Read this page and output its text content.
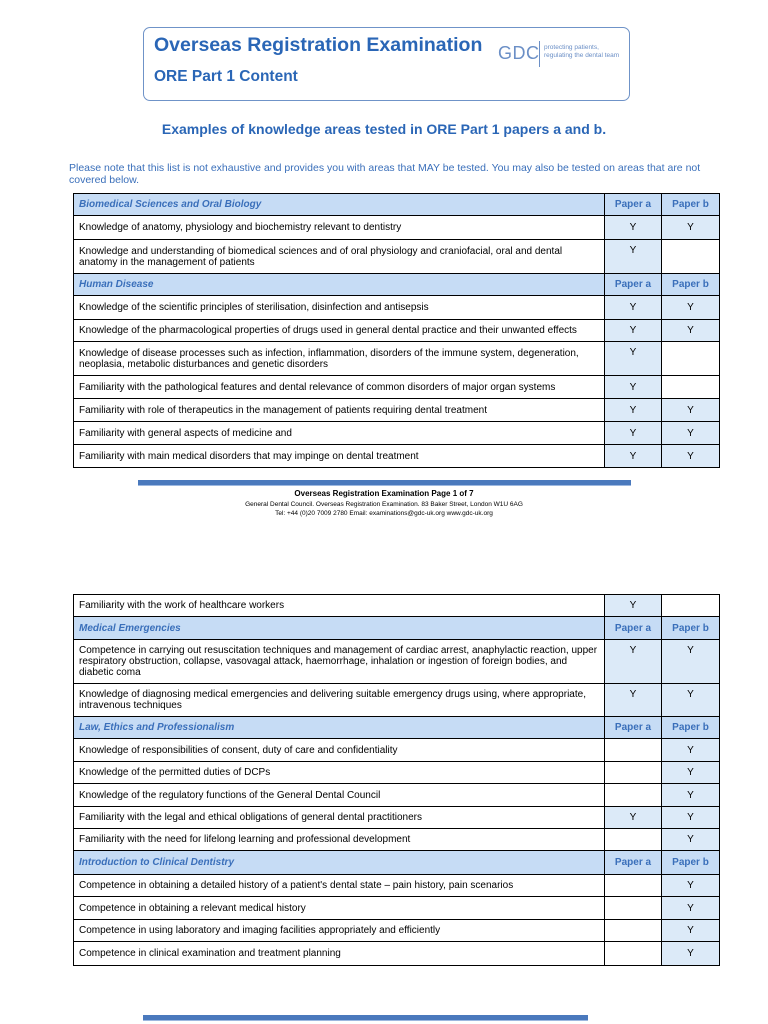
Overseas Registration Examination
ORE Part 1 Content
GDC protecting patients,
regulating the dental team
Examples of knowledge areas tested in ORE Part 1 papers a and b.
Please note that this list is not exhaustive and provides you with areas that MAY be tested. You may also be tested on areas that are not covered below.
Biomedical Sciences and Oral Biology	Paper a	Paper b
Knowledge of anatomy, physiology and biochemistry relevant to dentistry	Y	Y
Knowledge and understanding of biomedical sciences and of oral physiology and craniofacial, oral and dental anatomy in the management of patients	Y	
Human Disease	Paper a	Paper b
Knowledge of the scientific principles of sterilisation, disinfection and antisepsis	Y	Y
Knowledge of the pharmacological properties of drugs used in general dental practice and their unwanted effects	Y	Y
Knowledge of disease processes such as infection, inflammation, disorders of the immune system, degeneration, neoplasia, metabolic disturbances and genetic disorders	Y	
Familiarity with the pathological features and dental relevance of common disorders of major organ systems	Y	
Familiarity with role of therapeutics in the management of patients requiring dental treatment	Y	Y
Familiarity with general aspects of medicine and	Y	Y
Familiarity with main medical disorders that may impinge on dental treatment	Y	Y
Overseas Registration Examination Page 1 of 7
General Dental Council. Overseas Registration Examination. 83 Baker Street, London W1U 6AG
Tel: +44 (0)20 7009 2780 Email: examinations@gdc-uk.org www.gdc-uk.org
Familiarity with the work of healthcare workers	Y	
Medical Emergencies	Paper a	Paper b
Competence in carrying out resuscitation techniques and management of cardiac arrest, anaphylactic reaction, upper respiratory obstruction, collapse, vasovagal attack, haemorrhage, inhalation or ingestion of foreign bodies, and diabetic coma	Y	Y
Knowledge of diagnosing medical emergencies and delivering suitable emergency drugs using, where appropriate, intravenous techniques	Y	Y
Law, Ethics and Professionalism	Paper a	Paper b
Knowledge of responsibilities of consent, duty of care and confidentiality		Y
Knowledge of the permitted duties of DCPs		Y
Knowledge of the regulatory functions of the General Dental Council		Y
Familiarity with the legal and ethical obligations of general dental practitioners	Y	Y
Familiarity with the need for lifelong learning and professional development		Y
Introduction to Clinical Dentistry	Paper a	Paper b
Competence in obtaining a detailed history of a patient's dental state – pain history, pain scenarios		Y
Competence in obtaining a relevant medical history		Y
Competence in using laboratory and imaging facilities appropriately and efficiently		Y
Competence in clinical examination and treatment planning		Y
